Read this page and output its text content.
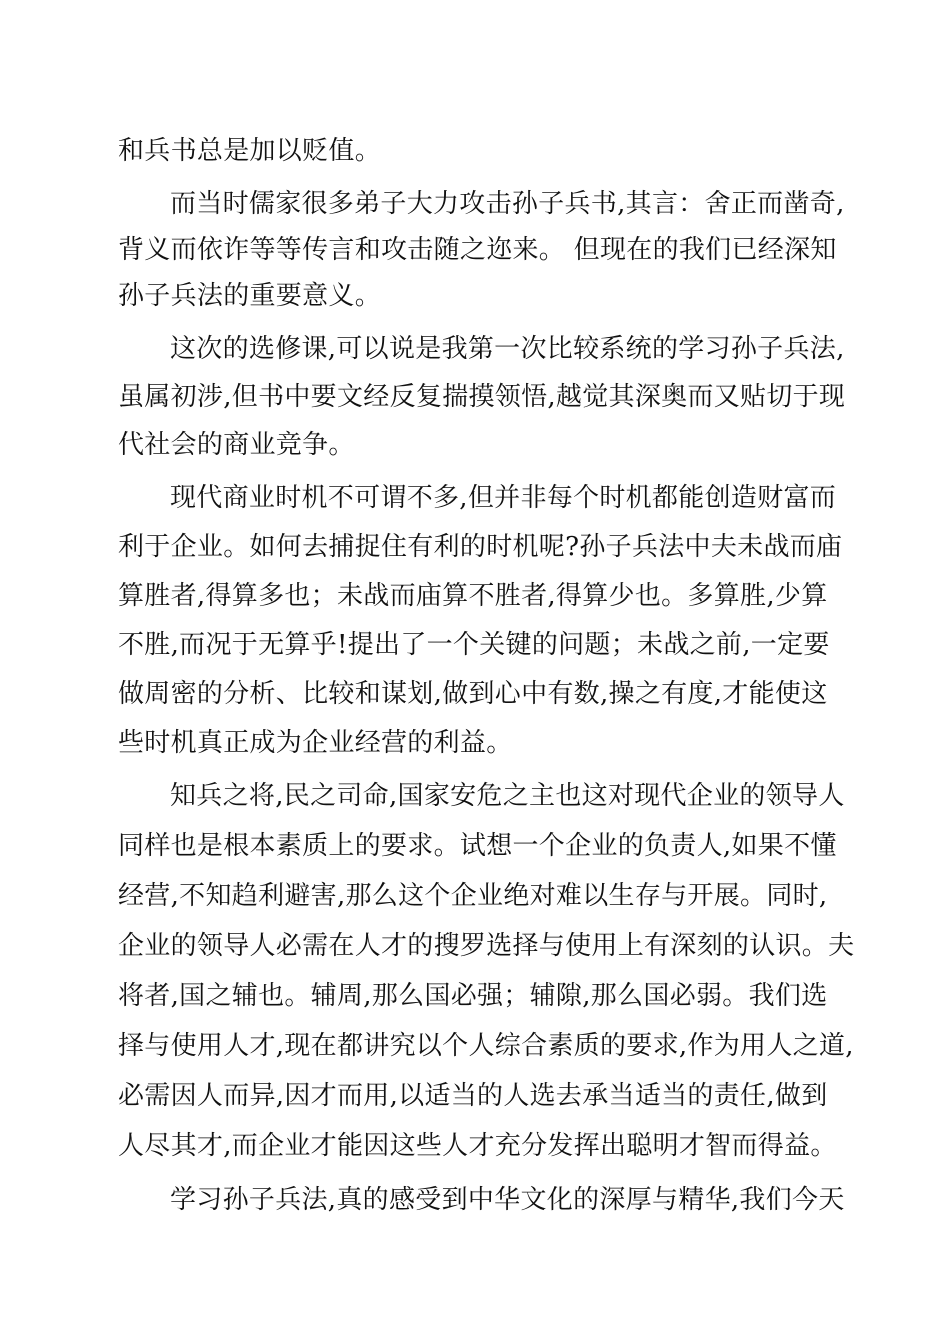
和兵书总是加以贬值。
而当时儒家很多弟子大力攻击孙子兵书,其言：舍正而凿奇,
背义而依诈等等传言和攻击随之迩来。 但现在的我们已经深知
孙子兵法的重要意义。
这次的选修课,可以说是我第一次比较系统的学习孙子兵法,
虽属初涉,但书中要文经反复揣摸领悟,越觉其深奥而又贴切于现
代社会的商业竞争。
现代商业时机不可谓不多,但并非每个时机都能创造财富而
利于企业。如何去捕捉住有利的时机呢?孙子兵法中夫未战而庙
算胜者,得算多也；未战而庙算不胜者,得算少也。多算胜,少算
不胜,而况于无算乎!提出了一个关键的问题；未战之前,一定要
做周密的分析、比较和谋划,做到心中有数,操之有度,才能使这
些时机真正成为企业经营的利益。
知兵之将,民之司命,国家安危之主也这对现代企业的领导人
同样也是根本素质上的要求。试想一个企业的负责人,如果不懂
经营,不知趋利避害,那么这个企业绝对难以生存与开展。同时,
企业的领导人必需在人才的搜罗选择与使用上有深刻的认识。夫
将者,国之辅也。辅周,那么国必强；辅隙,那么国必弱。我们选
择与使用人才,现在都讲究以个人综合素质的要求,作为用人之道,
必需因人而异,因才而用,以适当的人选去承当适当的责任,做到
人尽其才,而企业才能因这些人才充分发挥出聪明才智而得益。
学习孙子兵法,真的感受到中华文化的深厚与精华,我们今天
